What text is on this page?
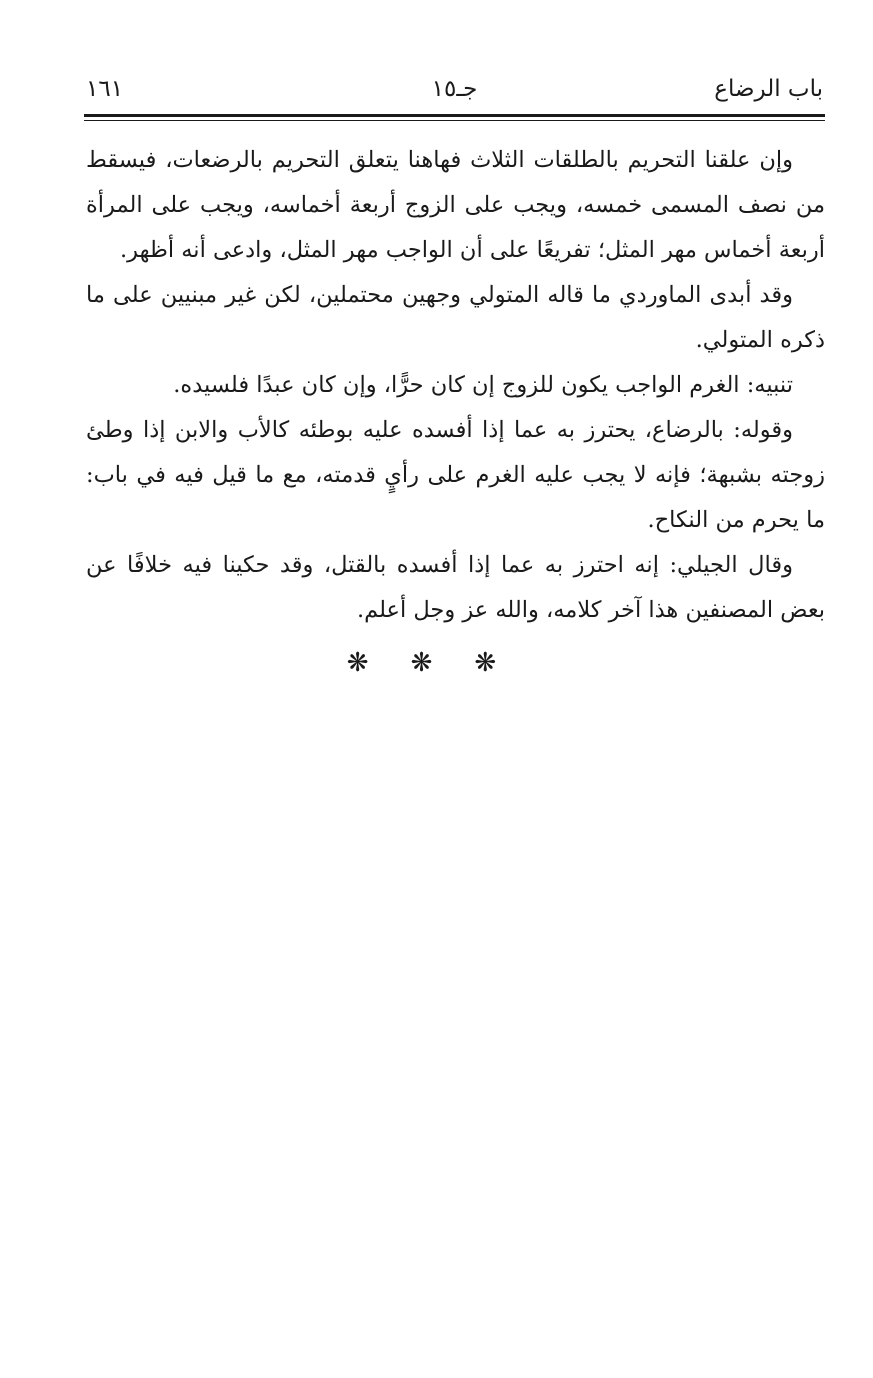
باب الرضاع
جـ١٥
١٦١

وإن علقنا التحريم بالطلقات الثلاث فهاهنا يتعلق التحريم بالرضعات، فيسقط من نصف المسمى خمسه، ويجب على الزوج أربعة أخماسه، ويجب على المرأة أربعة أخماس مهر المثل؛ تفريعًا على أن الواجب مهر المثل، وادعى أنه أظهر.

وقد أبدى الماوردي ما قاله المتولي وجهين محتملين، لكن غير مبنيين على ما ذكره المتولي.

تنبيه: الغرم الواجب يكون للزوج إن كان حرًّا، وإن كان عبدًا فلسيده.

وقوله: بالرضاع، يحترز به عما إذا أفسده عليه بوطئه كالأب والابن إذا وطئ زوجته بشبهة؛ فإنه لا يجب عليه الغرم على رأيٍ قدمته، مع ما قيل فيه في باب: ما يحرم من النكاح.

وقال الجيلي: إنه احترز به عما إذا أفسده بالقتل، وقد حكينا فيه خلافًا عن بعض المصنفين هذا آخر كلامه، والله عز وجل أعلم.

❋❋❋
